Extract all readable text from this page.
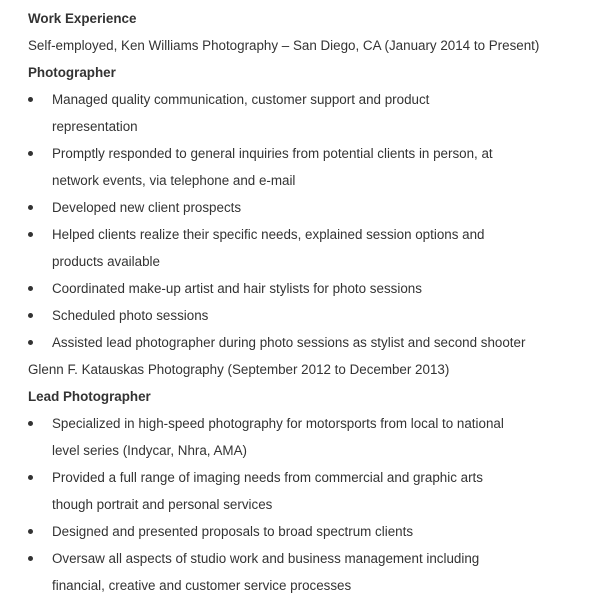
Work Experience
Self-employed, Ken Williams Photography – San Diego, CA (January 2014 to Present)
Photographer
Managed quality communication, customer support and product
representation
Promptly responded to general inquiries from potential clients in person, at
network events, via telephone and e-mail
Developed new client prospects
Helped clients realize their specific needs, explained session options and
products available
Coordinated make-up artist and hair stylists for photo sessions
Scheduled photo sessions
Assisted lead photographer during photo sessions as stylist and second shooter
Glenn F. Katauskas Photography (September 2012 to December 2013)
Lead Photographer
Specialized in high-speed photography for motorsports from local to national
level series (Indycar, Nhra, AMA)
Provided a full range of imaging needs from commercial and graphic arts
though portrait and personal services
Designed and presented proposals to broad spectrum clients
Oversaw all aspects of studio work and business management including
financial, creative and customer service processes
